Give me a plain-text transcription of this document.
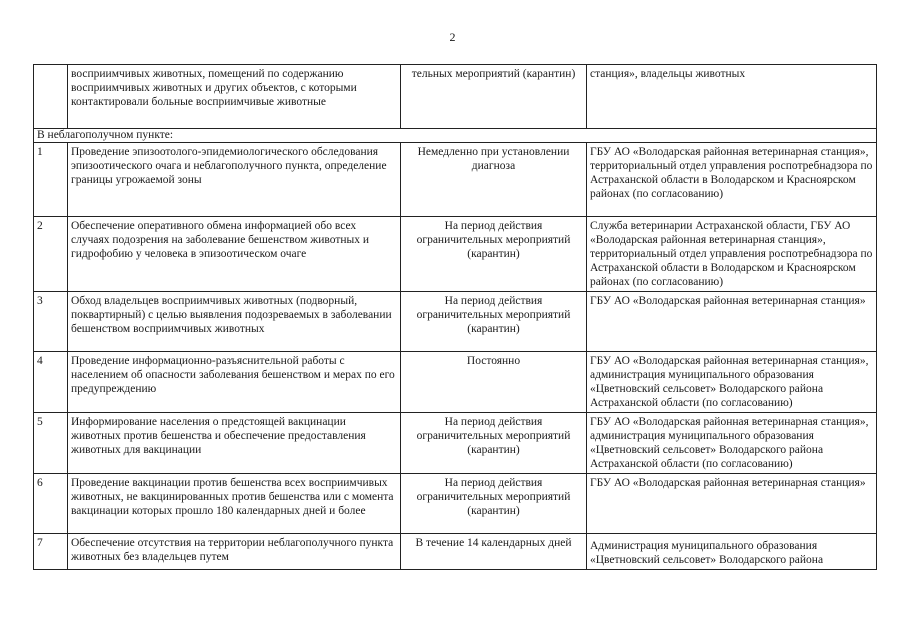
2
	восприимчивых животных, помещений по содержанию восприимчивых животных и других объектов, с которыми контактировали больные восприимчивые животные	тельных мероприятий (карантин)	станция», владельцы животных
В неблагополучном пункте:			
1	Проведение эпизоотолого-эпидемиологического обследования эпизоотического очага и неблагополучного пункта, определение границы угрожаемой зоны	Немедленно при установлении диагноза	ГБУ АО «Володарская районная ветеринарная станция», территориальный отдел управления роспотребнадзора по Астраханской области в Володарском и Красноярском районах (по согласованию)
2	Обеспечение оперативного обмена информацией обо всех случаях подозрения на заболевание бешенством животных и гидрофобию у человека в эпизоотическом очаге	На период действия ограничительных мероприятий (карантин)	Служба ветеринарии Астраханской области, ГБУ АО «Володарская районная ветеринарная станция», территориальный отдел управления роспотребнадзора по Астраханской области в Володарском и Красноярском районах (по согласованию)
3	Обход владельцев восприимчивых животных (подворный, поквартирный) с целью выявления подозреваемых в заболевании бешенством восприимчивых животных	На период действия ограничительных мероприятий (карантин)	ГБУ АО «Володарская районная ветеринарная станция»
4	Проведение информационно-разъяснительной работы с населением об опасности заболевания бешенством и мерах по его предупреждению	Постоянно	ГБУ АО «Володарская районная ветеринарная станция», администрация муниципального образования «Цветновский сельсовет» Володарского района Астраханской области (по согласованию)
5	Информирование населения о предстоящей вакцинации животных против бешенства и обеспечение предоставления животных для вакцинации	На период действия ограничительных мероприятий (карантин)	ГБУ АО «Володарская районная ветеринарная станция», администрация муниципального образования «Цветновский сельсовет» Володарского района Астраханской области (по согласованию)
6	Проведение вакцинации против бешенства всех восприимчивых животных, не вакцинированных против бешенства или с момента вакцинации которых прошло 180 календарных дней и более	На период действия ограничительных мероприятий (карантин)	ГБУ АО «Володарская районная ветеринарная станция»
7	Обеспечение отсутствия на территории неблагополучного пункта животных без владельцев путем	В течение 14 календарных дней	Администрация муниципального образования «Цветновский сельсовет» Володарского района
